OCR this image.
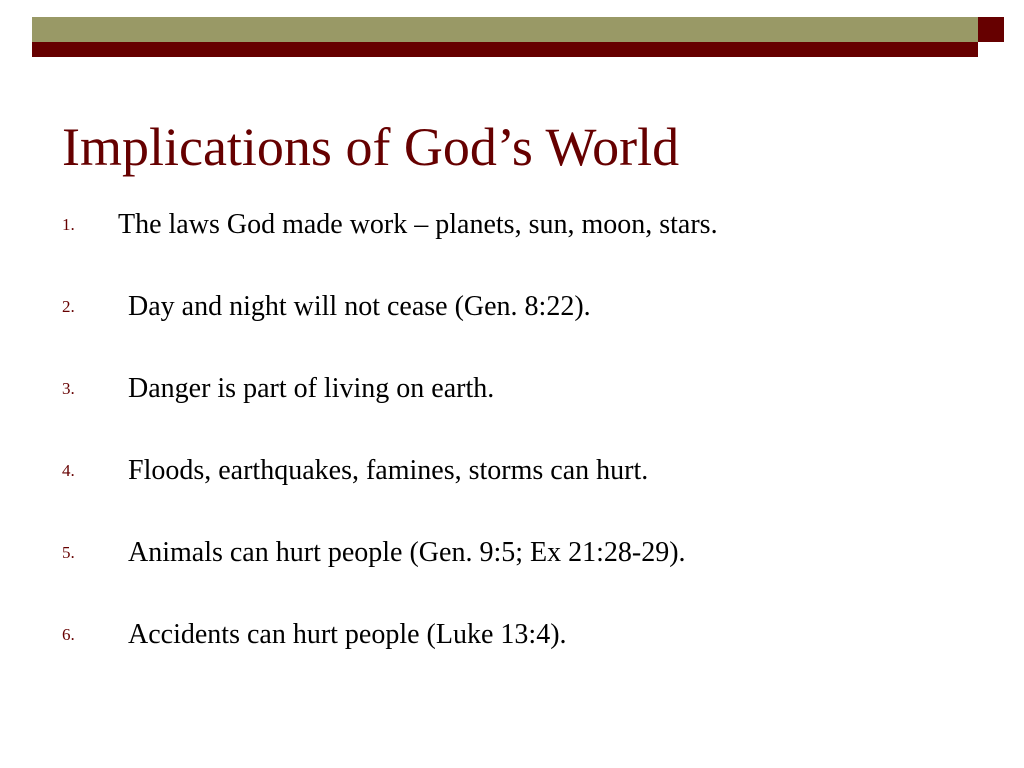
Implications of God’s World
1. The laws God made work – planets, sun, moon, stars.
2. Day and night will not cease (Gen. 8:22).
3. Danger is part of living on earth.
4. Floods, earthquakes, famines, storms can hurt.
5. Animals can hurt people (Gen. 9:5; Ex 21:28-29).
6. Accidents can hurt people (Luke 13:4).
